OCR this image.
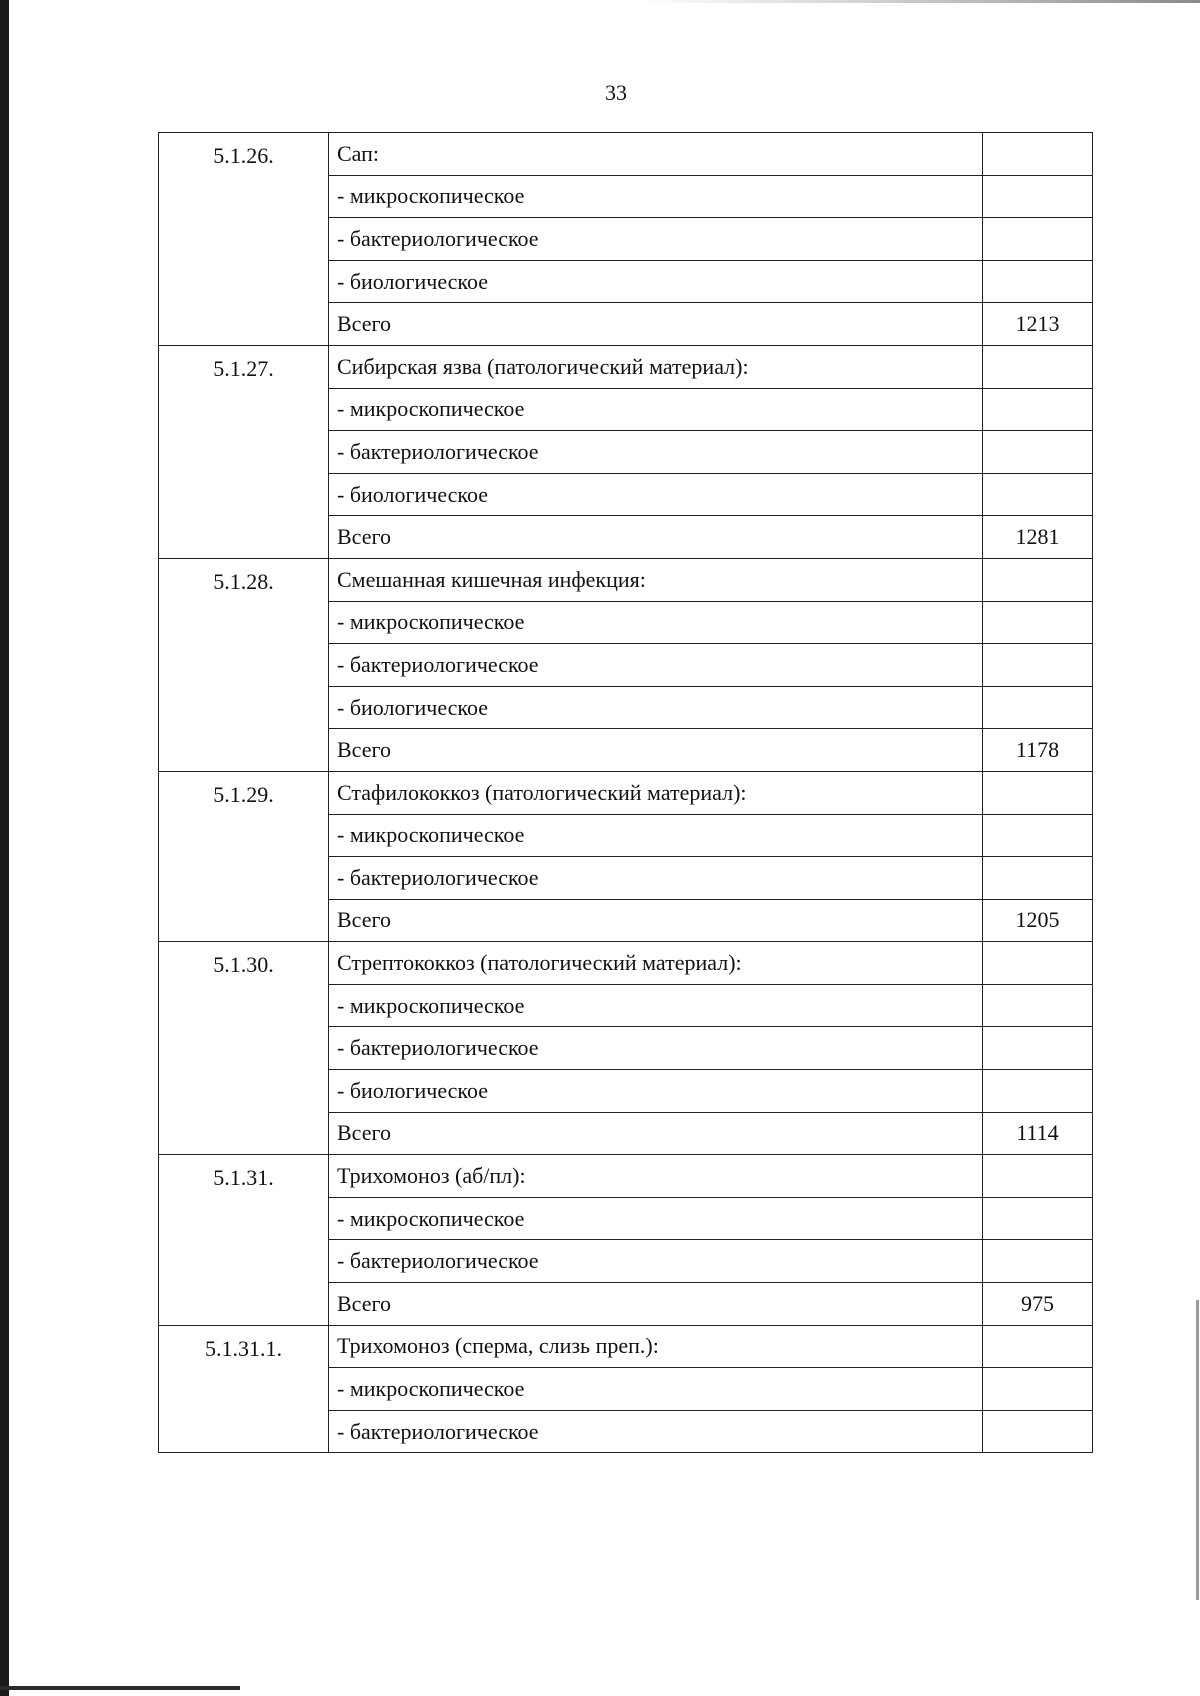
33
5.1.26.	Сап:	
	- микроскопическое	
	- бактериологическое	
	- биологическое	
	Всего	1213
5.1.27.	Сибирская язва (патологический материал):	
	- микроскопическое	
	- бактериологическое	
	- биологическое	
	Всего	1281
5.1.28.	Смешанная кишечная инфекция:	
	- микроскопическое	
	- бактериологическое	
	- биологическое	
	Всего	1178
5.1.29.	Стафилококкоз (патологический материал):	
	- микроскопическое	
	- бактериологическое	
	Всего	1205
5.1.30.	Стрептококкоз (патологический материал):	
	- микроскопическое	
	- бактериологическое	
	- биологическое	
	Всего	1114
5.1.31.	Трихомоноз (аб/пл):	
	- микроскопическое	
	- бактериологическое	
	Всего	975
5.1.31.1.	Трихомоноз (сперма, слизь преп.):	
	- микроскопическое	
	- бактериологическое	
